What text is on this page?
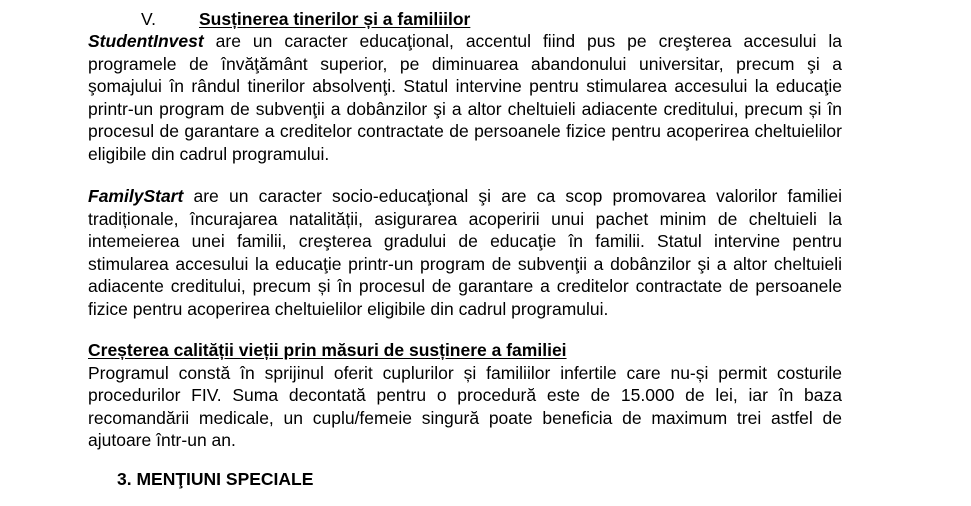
V. Susținerea tinerilor și a familiilor

StudentInvest are un caracter educaţional, accentul fiind pus pe creşterea accesului la programele de învăţământ superior, pe diminuarea abandonului universitar, precum şi a şomajului în rândul tinerilor absolvenţi. Statul intervine pentru stimularea accesului la educaţie printr-un program de subvenţii a dobânzilor şi a altor cheltuieli adiacente creditului, precum și în procesul de garantare a creditelor contractate de persoanele fizice pentru acoperirea cheltuielilor eligibile din cadrul programului.

FamilyStart are un caracter socio-educaţional şi are ca scop promovarea valorilor familiei tradiționale, încurajarea natalității, asigurarea acoperirii unui pachet minim de cheltuieli la intemeierea unei familii, creşterea gradului de educaţie în familii. Statul intervine pentru stimularea accesului la educaţie printr-un program de subvenţii a dobânzilor şi a altor cheltuieli adiacente creditului, precum și în procesul de garantare a creditelor contractate de persoanele fizice pentru acoperirea cheltuielilor eligibile din cadrul programului.

Creșterea calității vieții prin măsuri de susținere a familiei

Programul constă în sprijinul oferit cuplurilor și familiilor infertile care nu-și permit costurile procedurilor FIV. Suma decontată pentru o procedură este de 15.000 de lei, iar în baza recomandării medicale, un cuplu/femeie singură poate beneficia de maximum trei astfel de ajutoare într-un an.

3. MENŢIUNI SPECIALE
